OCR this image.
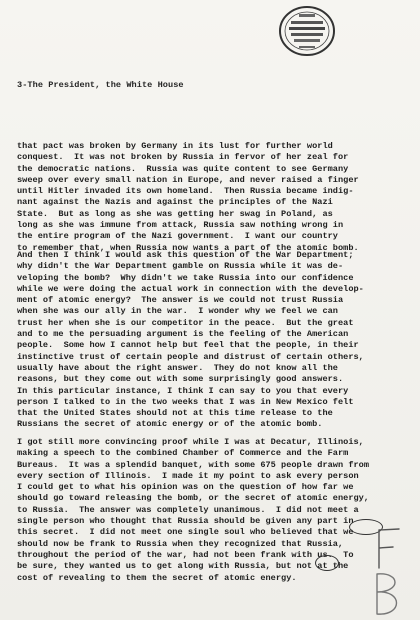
3-The President, the White House
that pact was broken by Germany in its lust for further world
conquest.  It was not broken by Russia in fervor of her zeal for
the democratic nations.  Russia was quite content to see Germany
sweep over every small nation in Europe, and never raised a finger
until Hitler invaded its own homeland.  Then Russia became indig-
nant against the Nazis and against the principles of the Nazi
State.  But as long as she was getting her swag in Poland, as
long as she was immune from attack, Russia saw nothing wrong in
the entire program of the Nazi government.  I want our country
to remember that, when Russia now wants a part of the atomic bomb.
And then I think I would ask this question of the War Department;
why didn't the War Department gamble on Russia while it was de-
veloping the bomb?  Why didn't we take Russia into our confidence
while we were doing the actual work in connection with the develop-
ment of atomic energy?  The answer is we could not trust Russia
when she was our ally in the war.  I wonder why we feel we can
trust her when she is our competitor in the peace.  But the great
and to me the persuading argument is the feeling of the American
people.  Some how I cannot help but feel that the people, in their
instinctive trust of certain people and distrust of certain others,
usually have about the right answer.  They do not know all the
reasons, but they come out with some surprisingly good answers.
In this particular instance, I think I can say to you that every
person I talked to in the two weeks that I was in New Mexico felt
that the United States should not at this time release to the
Russians the secret of atomic energy or of the atomic bomb.
I got still more convincing proof while I was at Decatur, Illinois,
making a speech to the combined Chamber of Commerce and the Farm
Bureaus.  It was a splendid banquet, with some 675 people drawn from
every section of Illinois.  I made it my point to ask every person
I could get to what his opinion was on the question of how far we
should go toward releasing the bomb, or the secret of atomic energy,
to Russia.  The answer was completely unanimous.  I did not meet a
single person who thought that Russia should be given any part in
this secret.  I did not meet one single soul who believed that we
should now be frank to Russia when they recognized that Russia,
throughout the period of the war, had not been frank with us.  To
be sure, they wanted us to get along with Russia, but not at the
cost of revealing to them the secret of atomic energy.
